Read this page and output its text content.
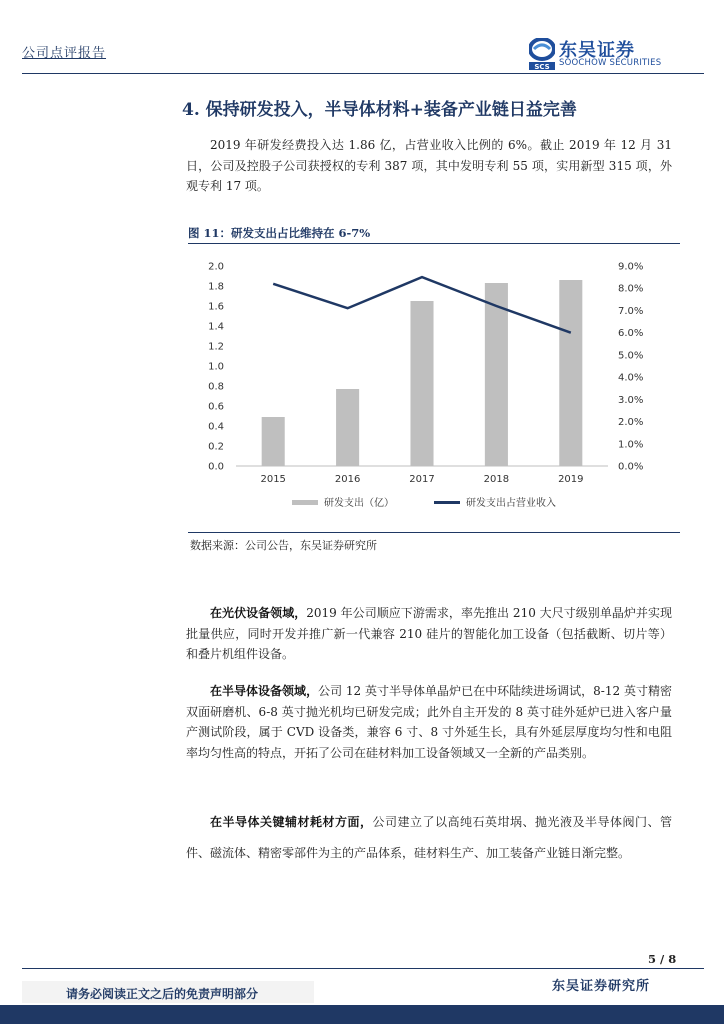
公司点评报告
SCS
东吴证券
SOOCHOW SECURITIES
4. 保持研发投入，半导体材料+装备产业链日益完善
2019 年研发经费投入达 1.86 亿，占营业收入比例的 6%。截止 2019 年 12 月 31 日，公司及控股子公司获授权的专利 387 项，其中发明专利 55 项，实用新型 315 项，外观专利 17 项。
图 11：研发支出占比维持在 6-7%
0.0
0.2
0.4
0.6
0.8
1.0
1.2
1.4
1.6
1.8
2.0
0.0%
1.0%
2.0%
3.0%
4.0%
5.0%
6.0%
7.0%
8.0%
9.0%
2015	2016	2017	2018	2019
研发支出（亿）	研发支出占营业收入
数据来源：公司公告，东吴证券研究所
在光伏设备领域，2019 年公司顺应下游需求，率先推出 210 大尺寸级别单晶炉并实现批量供应，同时开发并推广新一代兼容 210 硅片的智能化加工设备（包括截断、切片等）和叠片机组件设备。
在半导体设备领域，公司 12 英寸半导体单晶炉已在中环陆续进场调试，8-12 英寸精密双面研磨机、6-8 英寸抛光机均已研发完成；此外自主开发的 8 英寸硅外延炉已进入客户量产测试阶段，属于 CVD 设备类，兼容 6 寸、8 寸外延生长，具有外延层厚度均匀性和电阻率均匀性高的特点，开拓了公司在硅材料加工设备领域又一全新的产品类别。
在半导体关键辅材耗材方面，公司建立了以高纯石英坩埚、抛光液及半导体阀门、管件、磁流体、精密零部件为主的产品体系，硅材料生产、加工装备产业链日渐完整。
5 / 8
请务必阅读正文之后的免责声明部分	东吴证券研究所
